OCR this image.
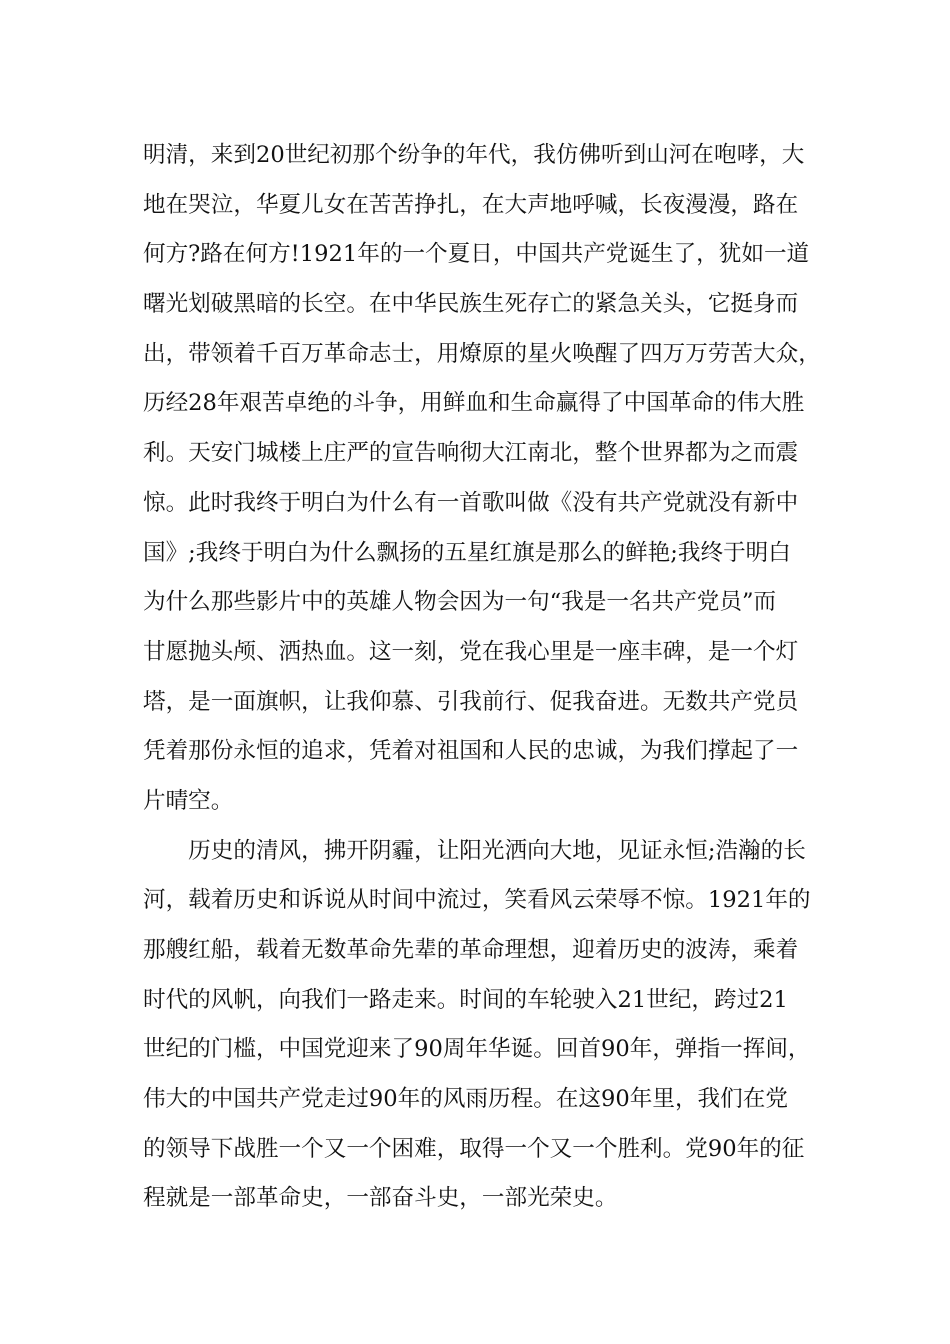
明清，来到20世纪初那个纷争的年代，我仿佛听到山河在咆哮，大
地在哭泣，华夏儿女在苦苦挣扎，在大声地呼喊，长夜漫漫，路在
何方?路在何方!1921年的一个夏日，中国共产党诞生了，犹如一道
曙光划破黑暗的长空。在中华民族生死存亡的紧急关头，它挺身而
出，带领着千百万革命志士，用燎原的星火唤醒了四万万劳苦大众，
历经28年艰苦卓绝的斗争，用鲜血和生命赢得了中国革命的伟大胜
利。天安门城楼上庄严的宣告响彻大江南北，整个世界都为之而震
惊。此时我终于明白为什么有一首歌叫做《没有共产党就没有新中
国》;我终于明白为什么飘扬的五星红旗是那么的鲜艳;我终于明白
为什么那些影片中的英雄人物会因为一句“我是一名共产党员”而
甘愿抛头颅、洒热血。这一刻，党在我心里是一座丰碑，是一个灯
塔，是一面旗帜，让我仰慕、引我前行、促我奋进。无数共产党员
凭着那份永恒的追求，凭着对祖国和人民的忠诚，为我们撑起了一
片晴空。
　　历史的清风，拂开阴霾，让阳光洒向大地，见证永恒;浩瀚的长
河，载着历史和诉说从时间中流过，笑看风云荣辱不惊。1921年的
那艘红船，载着无数革命先辈的革命理想，迎着历史的波涛，乘着
时代的风帆，向我们一路走来。时间的车轮驶入21世纪，跨过21
世纪的门槛，中国党迎来了90周年华诞。回首90年，弹指一挥间，
伟大的中国共产党走过90年的风雨历程。在这90年里，我们在党
的领导下战胜一个又一个困难，取得一个又一个胜利。党90年的征
程就是一部革命史，一部奋斗史，一部光荣史。
